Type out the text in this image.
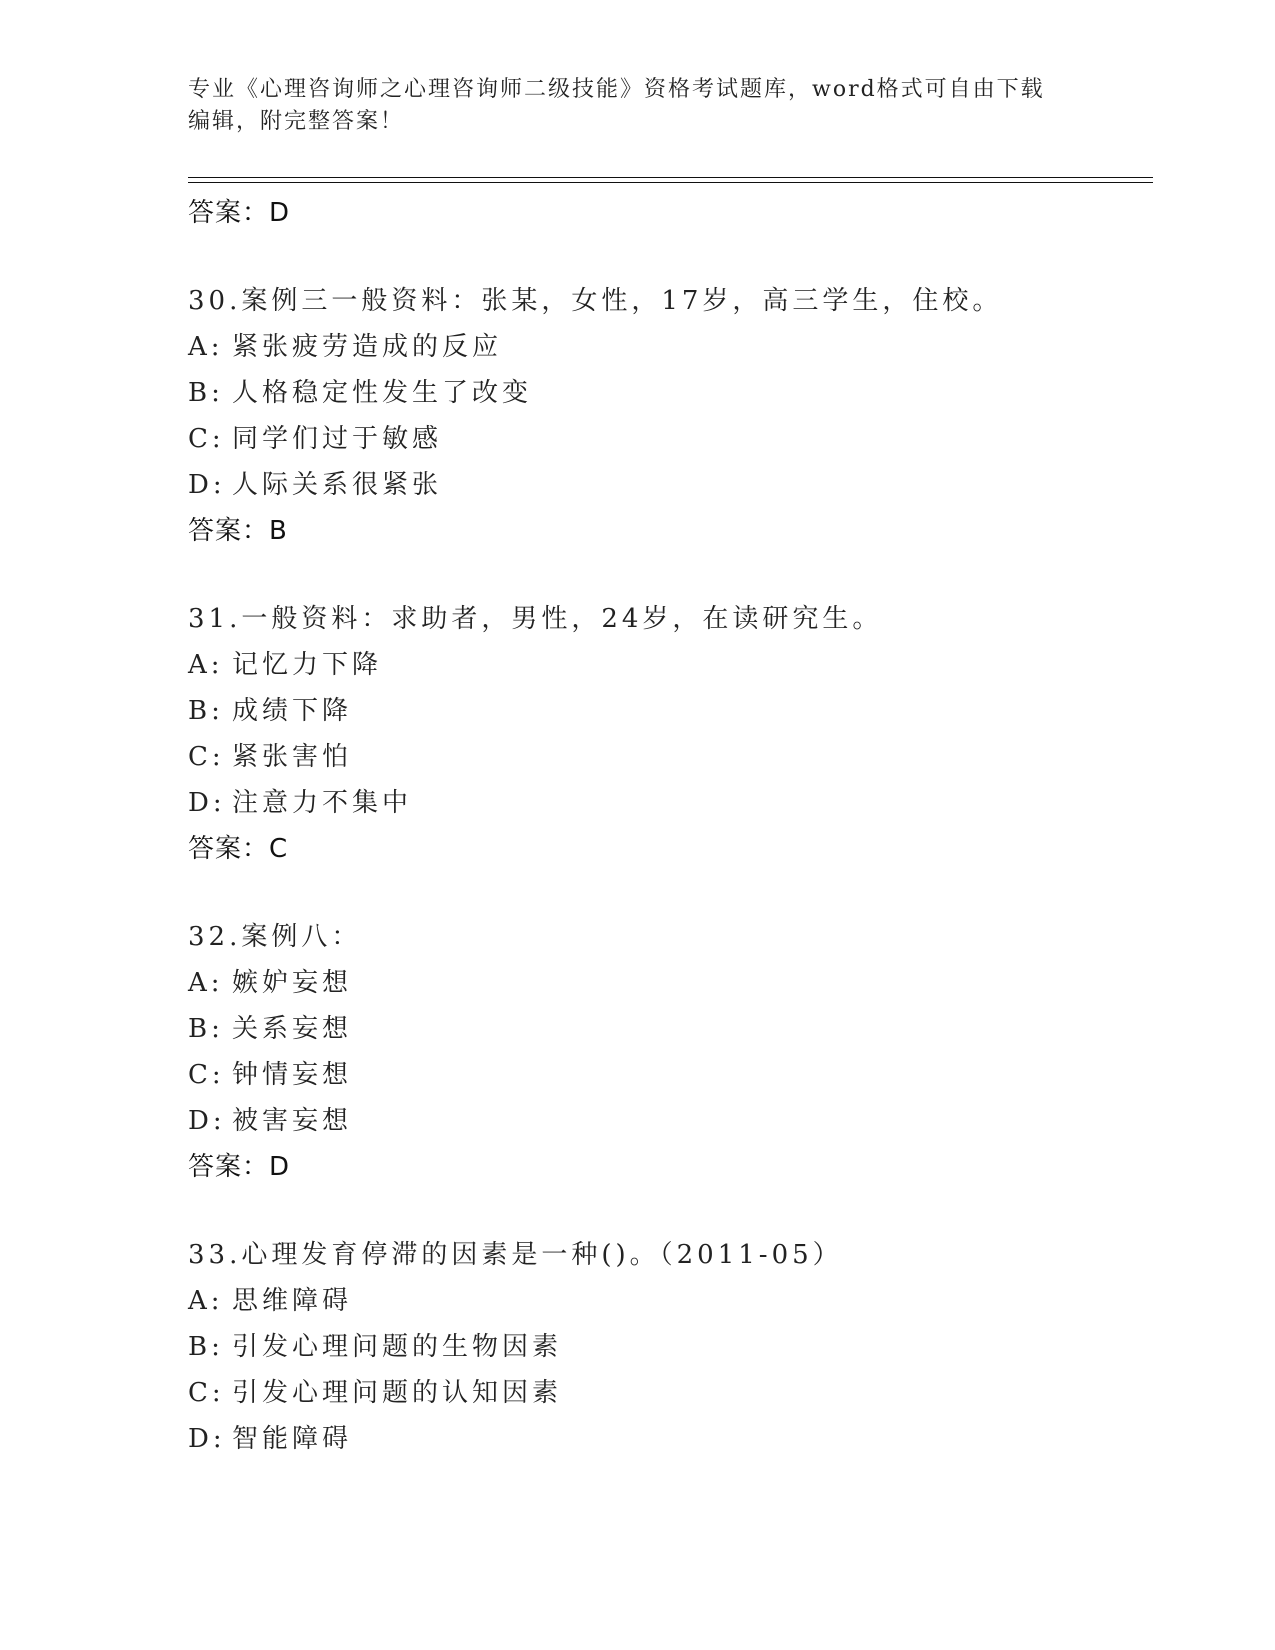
专业《心理咨询师之心理咨询师二级技能》资格考试题库，word格式可自由下载
编辑，附完整答案！
答案：D
30.案例三一般资料：张某，女性，17岁，高三学生，住校。
A: 紧张疲劳造成的反应
B: 人格稳定性发生了改变
C: 同学们过于敏感
D: 人际关系很紧张
答案：B
31.一般资料：求助者，男性，24岁，在读研究生。
A: 记忆力下降
B: 成绩下降
C: 紧张害怕
D: 注意力不集中
答案：C
32.案例八：
A: 嫉妒妄想
B: 关系妄想
C: 钟情妄想
D: 被害妄想
答案：D
33.心理发育停滞的因素是一种()。（2011-05）
A: 思维障碍
B: 引发心理问题的生物因素
C: 引发心理问题的认知因素
D: 智能障碍
